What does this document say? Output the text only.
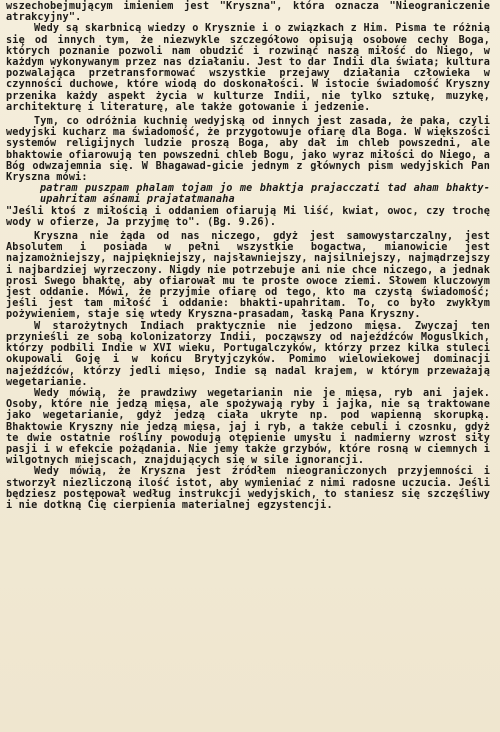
wszechobejmującym imieniem jest "Kryszna", która oznacza "Nieograniczenie atrakcyjny".

Wedy są skarbnicą wiedzy o Krysznie i o związkach z Him. Pisma te różnią się od innych tym, że niezwykle szczegółowo opisują osobowe cechy Boga, których poznanie pozwoli nam obudzić i rozwinąć naszą miłość do Niego, w każdym wykonywanym przez nas działaniu. Jest to dar Indii dla świata; kultura pozwalająca przetransformować wszystkie przejawy działania człowieka w czynności duchowe, które wiodą do doskonałości. W istocie świadomość Kryszny przenika każdy aspekt życia w kulturze Indii, nie tylko sztukę, muzykę, architekturę i literaturę, ale także gotowanie i jedzenie.

Tym, co odróżnia kuchnię wedyjską od innych jest zasada, że paka, czyli wedyjski kucharz ma świadomość, że przygotowuje ofiarę dla Boga. W większości systemów religijnych ludzie proszą Boga, aby dał im chleb powszedni, ale bhaktowie ofiarowują ten powszedni chleb Bogu, jako wyraz miłości do Niego, a Bóg odwzajemnia się. W Bhagawad-gicie jednym z głównych pism wedyjskich Pan Kryszna mówi:

patram puszpam phalam tojam jo me bhaktja prajacczati tad aham bhakty-upahritam aśnami prajatatmanaha

"Jeśli ktoś z miłością i oddaniem ofiarują Mi liść, kwiat, owoc, czy trochę wody w ofierze, Ja przyjmę to". (Bg. 9.26).

Kryszna nie żąda od nas niczego, gdyż jest samowystarczalny, jest Absolutem i posiada w pełni wszystkie bogactwa, mianowicie jest najzamożniejszy, najpiękniejszy, najsławniejszy, najsilniejszy, najmądrzejszy i najbardziej wyrzeczony. Nigdy nie potrzebuje ani nie chce niczego, a jednak prosi Swego bhaktę, aby ofiarował mu te proste owoce ziemi. Słowem kluczowym jest oddanie. Mówi, że przyjmie ofiarę od tego, kto ma czystą świadomość; jeśli jest tam miłość i oddanie: bhakti-upahritam. To, co było zwykłym pożywieniem, staje się wtedy Kryszna-prasadam, łaską Pana Kryszny.

W starożytnych Indiach praktycznie nie jedzono mięsa. Zwyczaj ten przynieśli ze sobą kolonizatorzy Indii, począwszy od najeźdźców Moguslkich, którzy podbili Indie w XVI wieku, Portugalczyków, którzy przez kilka stuleci okupowali Goję i w końcu Brytyjczyków. Pomimo wielowiekowej dominacji najeźdźców, którzy jedli mięso, Indie są nadal krajem, w którym przeważają wegetarianie.

Wedy mówią, że prawdziwy wegetarianin nie je mięsa, ryb ani jajek. Osoby, które nie jedzą mięsa, ale spożywają ryby i jajka, nie są traktowane jako wegetarianie, gdyż jedzą ciała ukryte np. pod wapienną skorupką. Bhaktowie Kryszny nie jedzą mięsa, jaj i ryb, a także cebuli i czosnku, gdyż te dwie ostatnie rośliny powodują otępienie umysłu i nadmierny wzrost siły pasji i w efekcie pożądania. Nie jemy także grzybów, które rosną w ciemnych i wilgotnych miejscach, znajdujących się w sile ignorancji.

Wedy mówią, że Kryszna jest źródłem nieograniczonych przyjemności i stworzył niezliczoną ilość istot, aby wymieniać z nimi radosne uczucia. Jeśli będziesz postępował według instrukcji wedyjskich, to staniesz się szczęśliwy i nie dotkną Cię cierpienia materialnej egzystencji.
